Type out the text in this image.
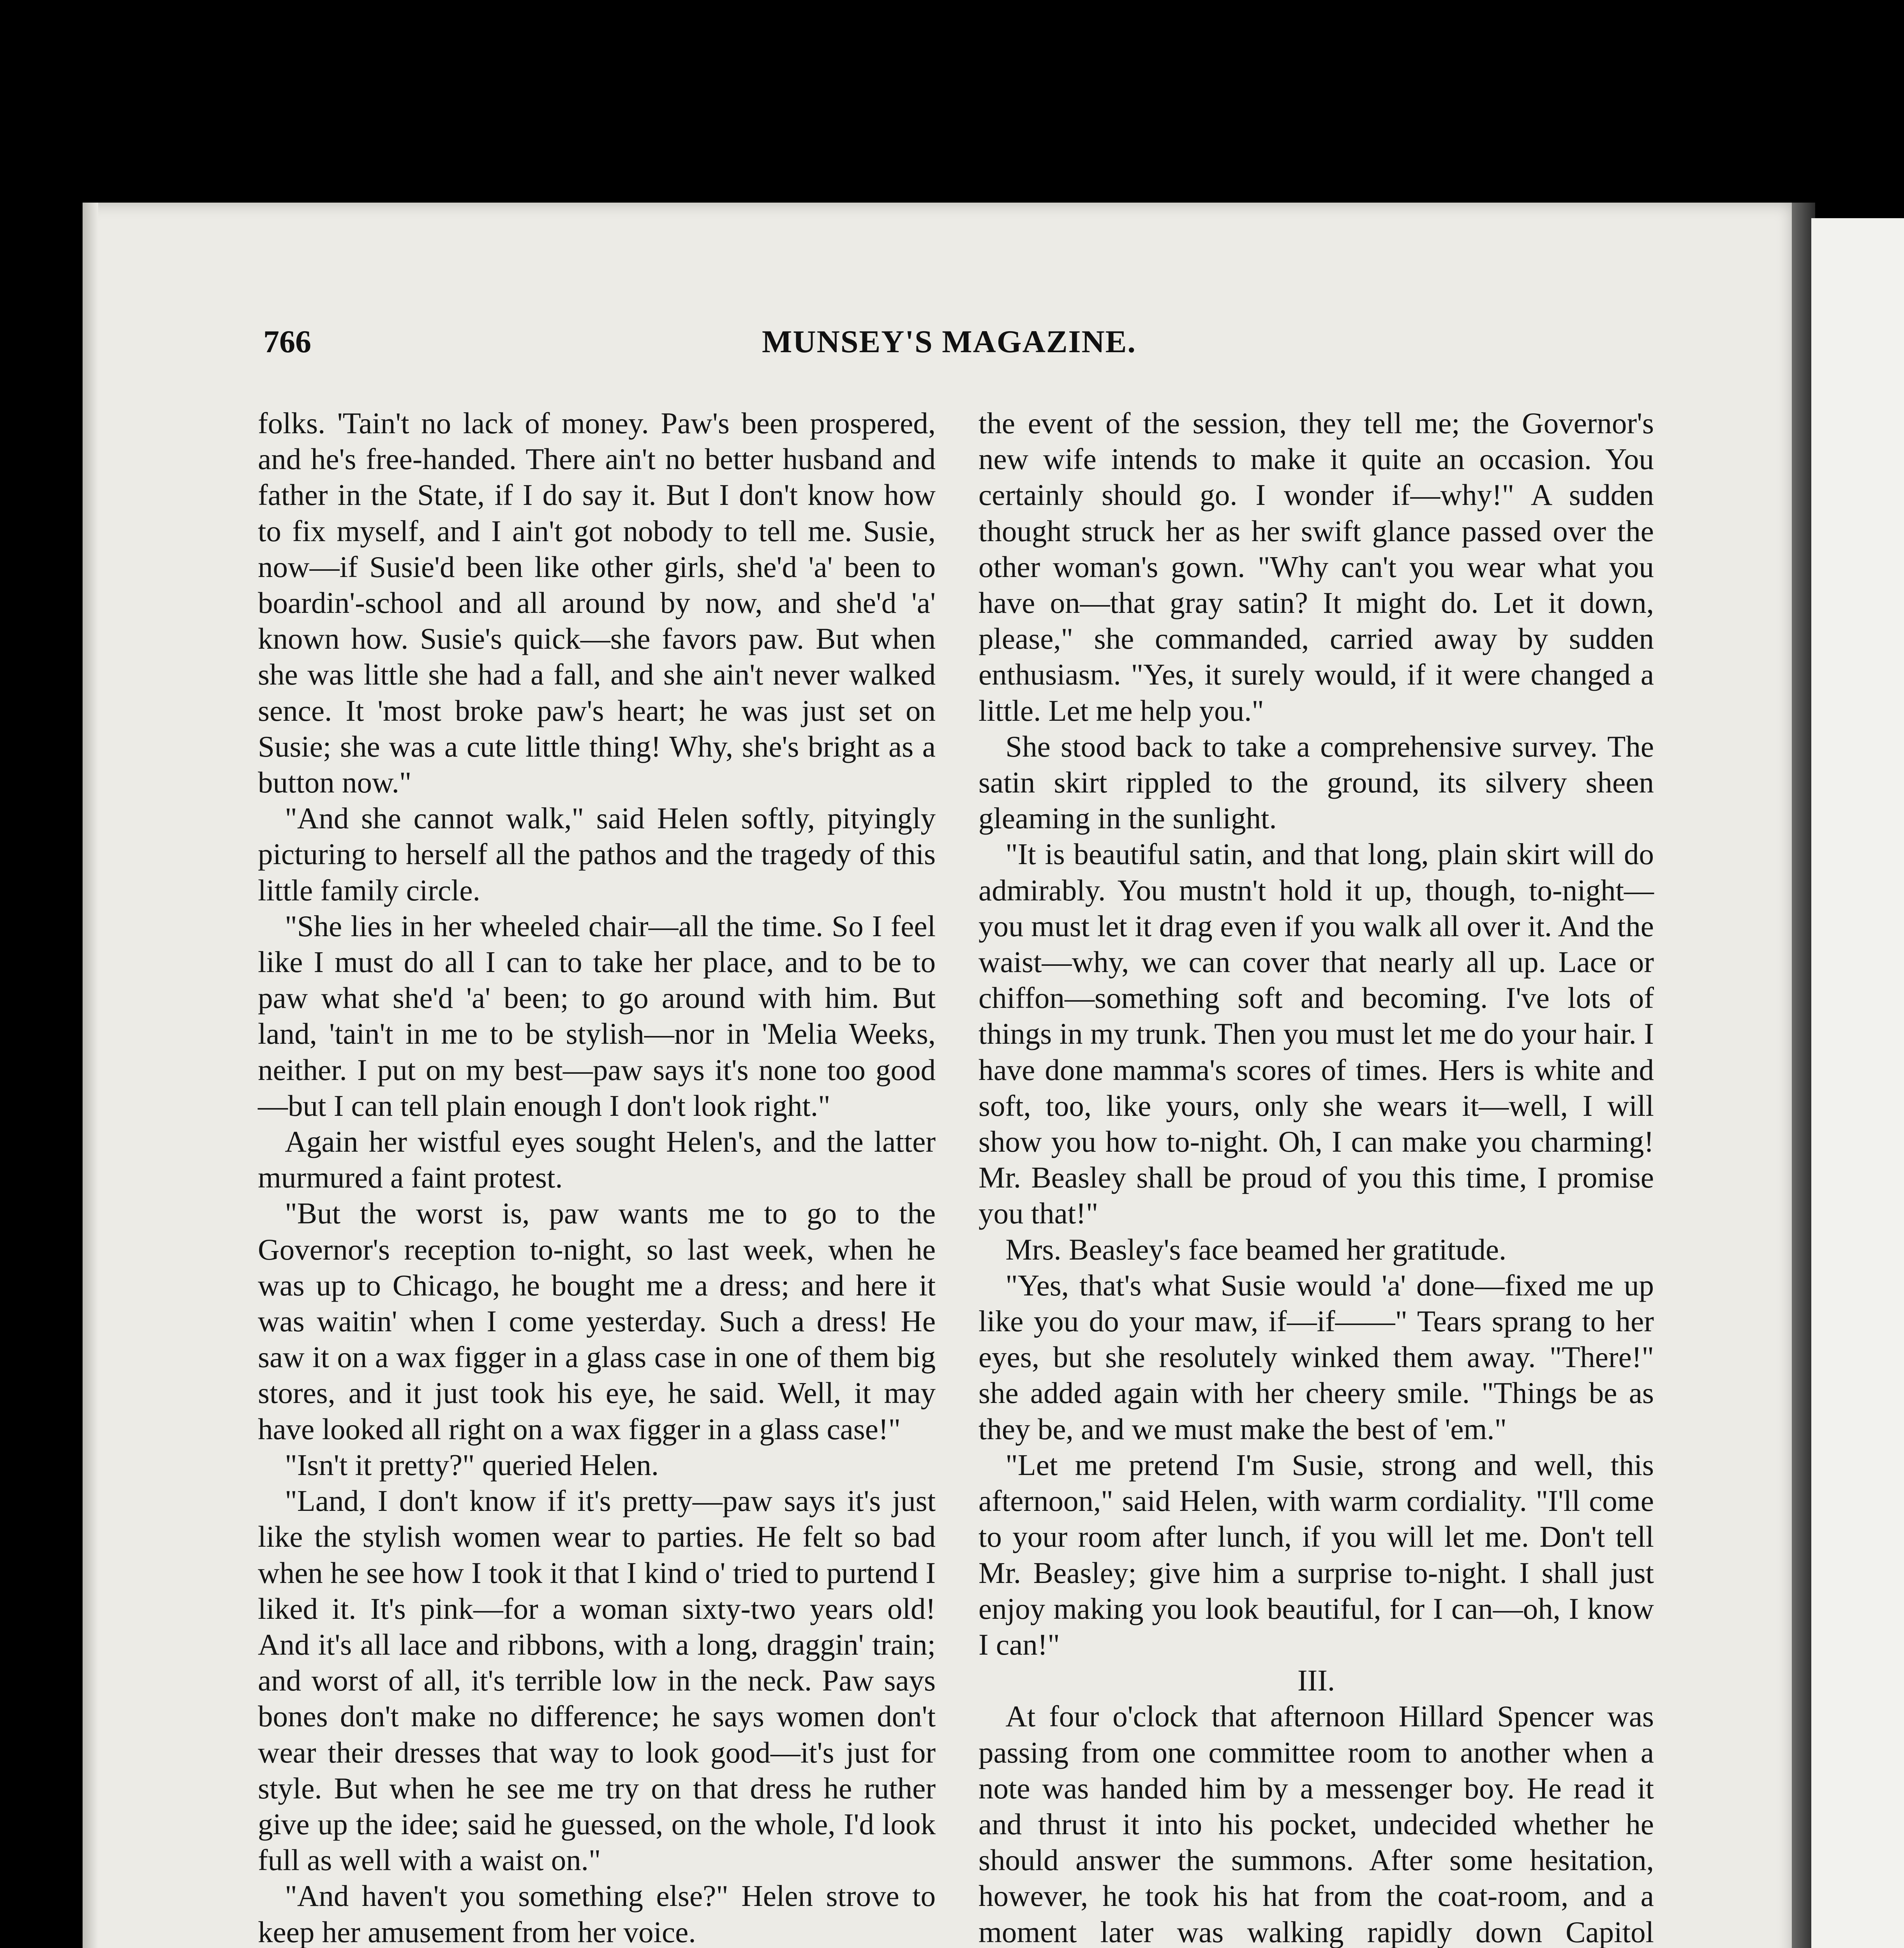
766	MUNSEY'S MAGAZINE.

folks. 'Tain't no lack of money. Paw's been prospered, and he's free-handed. There ain't no better husband and father in the State, if I do say it. But I don't know how to fix myself, and I ain't got nobody to tell me. Susie, now—if Susie'd been like other girls, she'd 'a' been to boardin'-school and all around by now, and she'd 'a' known how. Susie's quick—she favors paw. But when she was little she had a fall, and she ain't never walked sence. It 'most broke paw's heart; he was just set on Susie; she was a cute little thing! Why, she's bright as a button now."

"And she cannot walk," said Helen softly, pityingly picturing to herself all the pathos and the tragedy of this little family circle.

"She lies in her wheeled chair—all the time. So I feel like I must do all I can to take her place, and to be to paw what she'd 'a' been; to go around with him. But land, 'tain't in me to be stylish—nor in 'Melia Weeks, neither. I put on my best—paw says it's none too good—but I can tell plain enough I don't look right."

Again her wistful eyes sought Helen's, and the latter murmured a faint protest.

"But the worst is, paw wants me to go to the Governor's reception to-night, so last week, when he was up to Chicago, he bought me a dress; and here it was waitin' when I come yesterday. Such a dress! He saw it on a wax figger in a glass case in one of them big stores, and it just took his eye, he said. Well, it may have looked all right on a wax figger in a glass case!"

"Isn't it pretty?" queried Helen.

"Land, I don't know if it's pretty—paw says it's just like the stylish women wear to parties. He felt so bad when he see how I took it that I kind o' tried to purtend I liked it. It's pink—for a woman sixty-two years old! And it's all lace and ribbons, with a long, draggin' train; and worst of all, it's terrible low in the neck. Paw says bones don't make no difference; he says women don't wear their dresses that way to look good—it's just for style. But when he see me try on that dress he ruther give up the idee; said he guessed, on the whole, I'd look full as well with a waist on."

"And haven't you something else?" Helen strove to keep her amusement from her voice.

the event of the session, they tell me; the Governor's new wife intends to make it quite an occasion. You certainly should go. I wonder if—why!" A sudden thought struck her as her swift glance passed over the other woman's gown. "Why can't you wear what you have on—that gray satin? It might do. Let it down, please," she commanded, carried away by sudden enthusiasm. "Yes, it surely would, if it were changed a little. Let me help you."

She stood back to take a comprehensive survey. The satin skirt rippled to the ground, its silvery sheen gleaming in the sunlight.

"It is beautiful satin, and that long, plain skirt will do admirably. You mustn't hold it up, though, to-night—you must let it drag even if you walk all over it. And the waist—why, we can cover that nearly all up. Lace or chiffon—something soft and becoming. I've lots of things in my trunk. Then you must let me do your hair. I have done mamma's scores of times. Hers is white and soft, too, like yours, only she wears it—well, I will show you how to-night. Oh, I can make you charming! Mr. Beasley shall be proud of you this time, I promise you that!"

Mrs. Beasley's face beamed her gratitude.

"Yes, that's what Susie would 'a' done—fixed me up like you do your maw, if—if——" Tears sprang to her eyes, but she resolutely winked them away. "There!" she added again with her cheery smile. "Things be as they be, and we must make the best of 'em."

"Let me pretend I'm Susie, strong and well, this afternoon," said Helen, with warm cordiality. "I'll come to your room after lunch, if you will let me. Don't tell Mr. Beasley; give him a surprise to-night. I shall just enjoy making you look beautiful, for I can—oh, I know I can!"

III.

At four o'clock that afternoon Hillard Spencer was passing from one committee room to another when a note was handed him by a messenger boy. He read it and thrust it into his pocket, undecided whether he should answer the summons. After some hesitation, however, he took his hat from the coat-room, and a moment later was walking rapidly down Capitol
